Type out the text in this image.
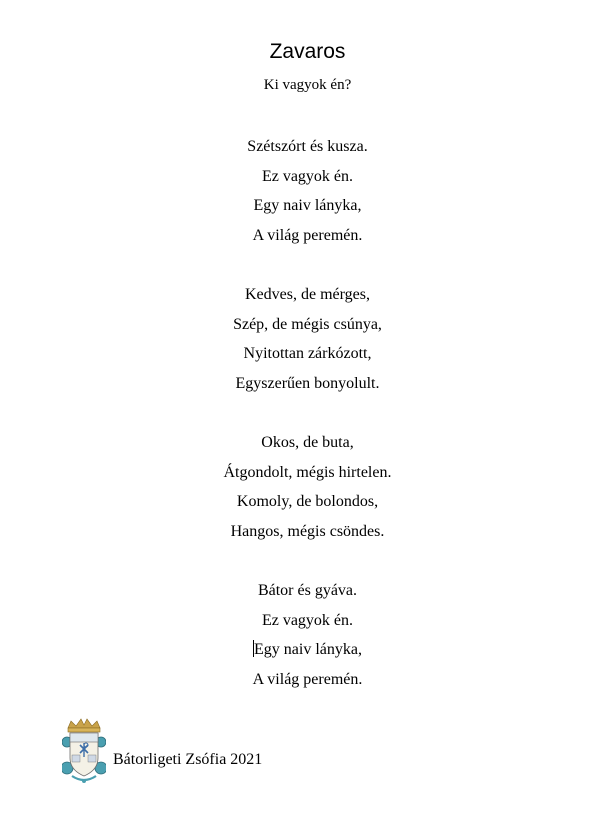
Zavaros
Ki vagyok én?
Szétszórt és kusza.
Ez vagyok én.
Egy naiv lányka,
A világ peremén.
Kedves, de mérges,
Szép, de mégis csúnya,
Nyitottan zárkózott,
Egyszerűen bonyolult.
Okos, de buta,
Átgondolt, mégis hirtelen.
Komoly, de bolondos,
Hangos, mégis csöndes.
Bátor és gyáva.
Ez vagyok én.
Egy naiv lányka,
A világ peremén.
Bátorligeti Zsófia 2021
